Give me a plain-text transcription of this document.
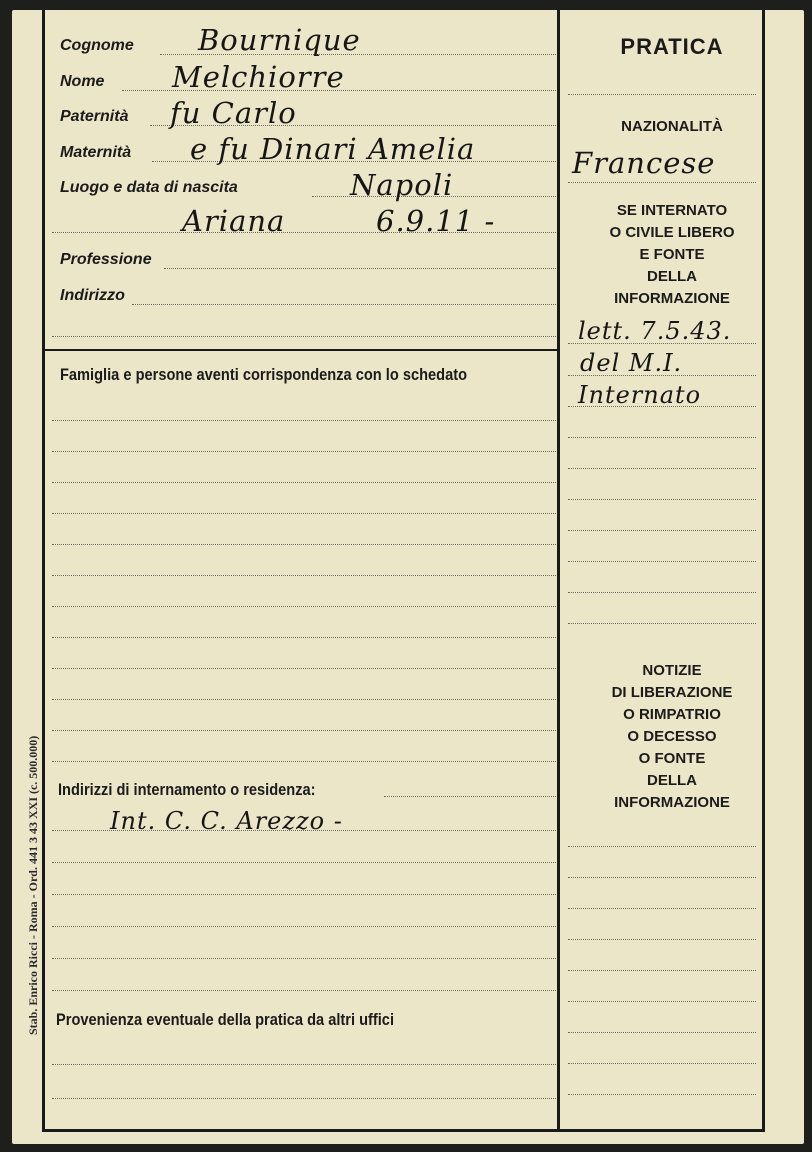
Cognome
Nome
Paternità
Maternità
Luogo e data di nascita
Professione
Indirizzo
Bournique
Melchiorre
fu Carlo
e fu Dinari Amelia
Napoli
Ariana	6.9.11 -
Famiglia e persone aventi corrispondenza con lo schedato
Indirizzi di internamento o residenza:
Int. C. C. Arezzo -
Provenienza eventuale della pratica da altri uffici
Stab. Enrico Ricci - Roma - Ord. 441 3 43 XXI (c. 500.000)
PRATICA
NAZIONALITÀ
Francese
SE INTERNATO
O CIVILE LIBERO
E FONTE
DELLA
INFORMAZIONE
lett. 7.5.43.
del M.I.
Internato
NOTIZIE
DI LIBERAZIONE
O RIMPATRIO
O DECESSO
O FONTE
DELLA
INFORMAZIONE
